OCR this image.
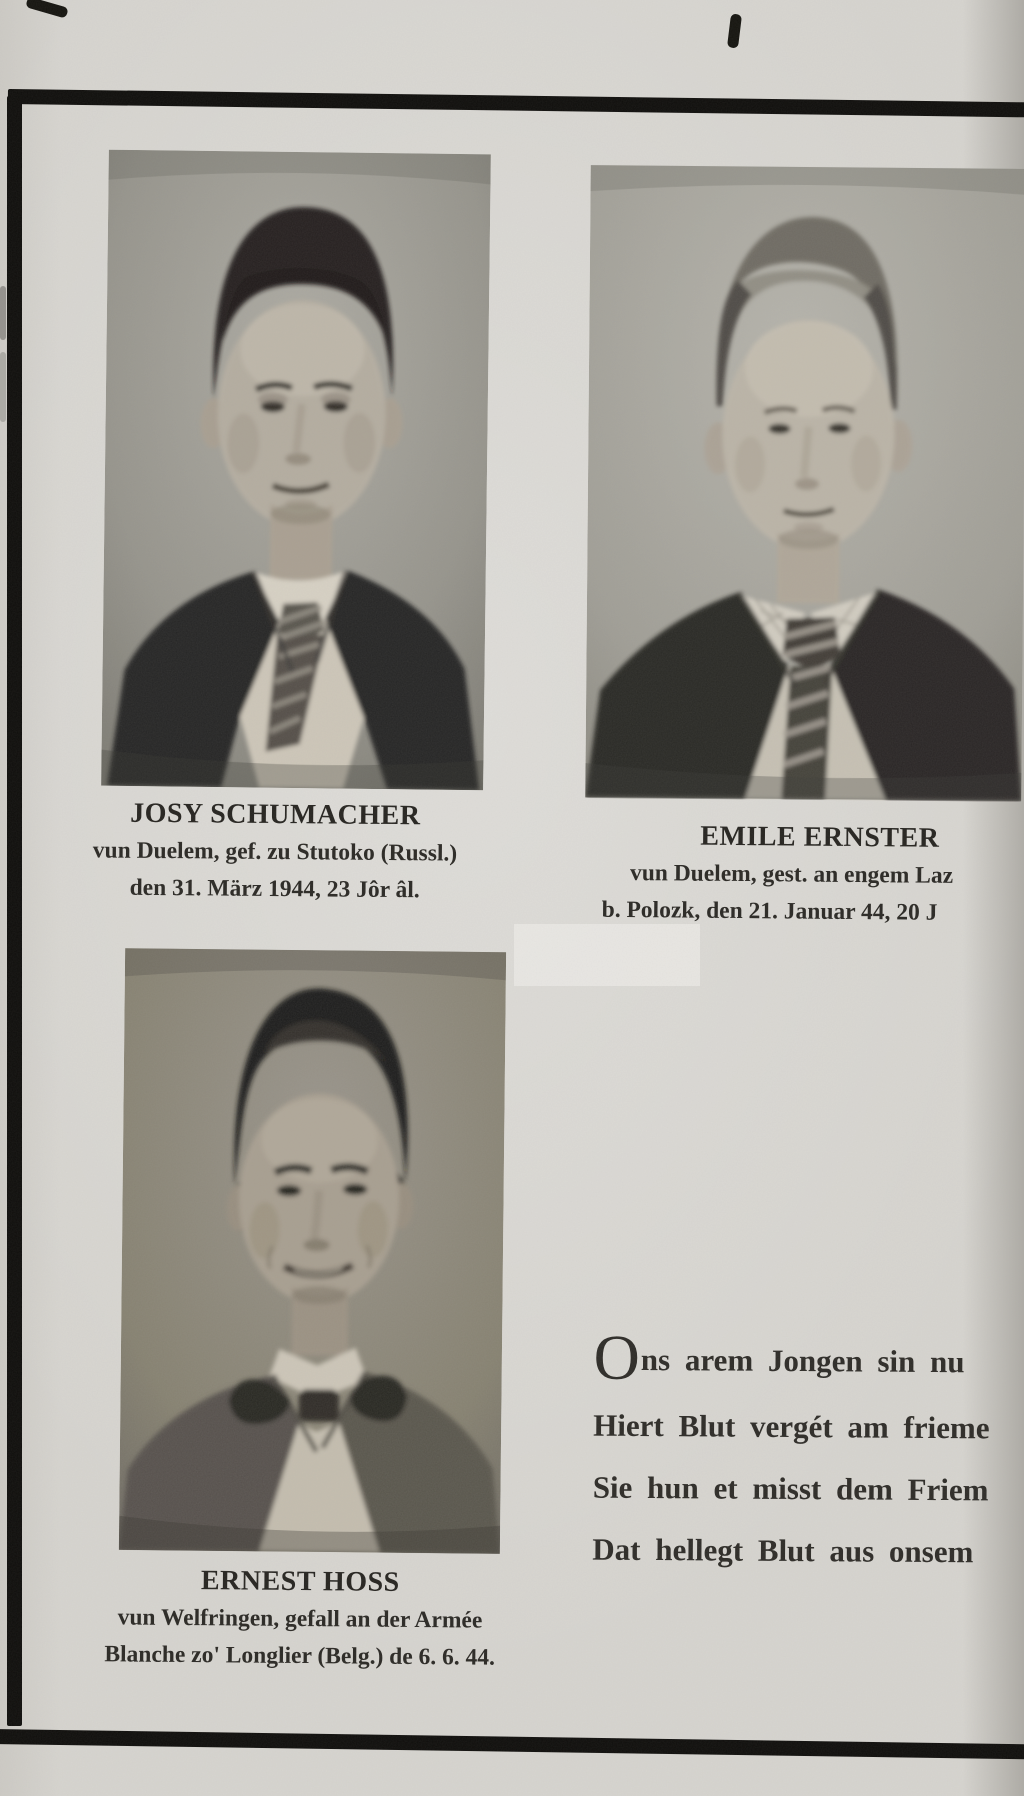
JOSY SCHUMACHER
vun Duelem, gef. zu Stutoko (Russl.)
den 31. März 1944, 23 Jôr âl.
EMILE ERNSTER
vun Duelem, gest. an engem Laz
b. Polozk, den 21. Januar 44, 20 J
ERNEST HOSS
vun Welfringen, gefall an der Armée
Blanche zo' Longlier (Belg.) de 6. 6. 44.
Ons arem Jongen sin nu
Hiert Blut vergét am frieme
Sie hun et misst dem Friem
Dat hellegt Blut aus onsem
